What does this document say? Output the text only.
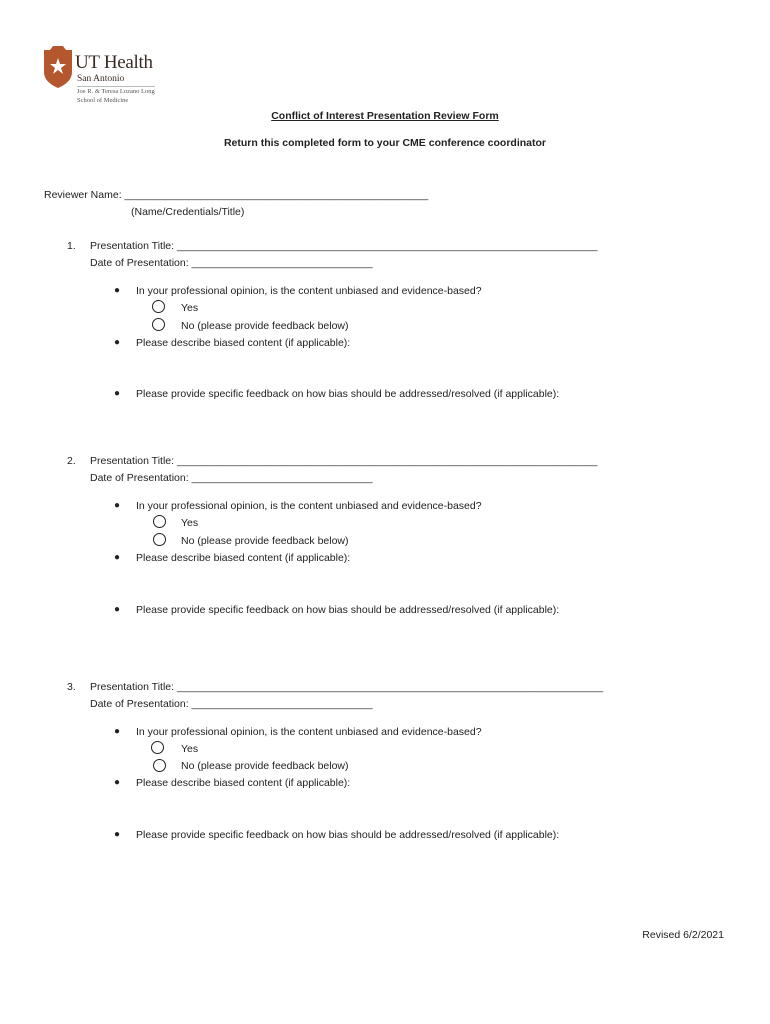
UT Health
San Antonio
Joe R. & Teresa Lozano Long
School of Medicine
Conflict of Interest Presentation Review Form
Return this completed form to your CME conference coordinator
Reviewer Name: ____________________________________________________
(Name/Credentials/Title)
1. Presentation Title: ________________________________________________________________________
Date of Presentation: _______________________________
● In your professional opinion, is the content unbiased and evidence-based?
Yes
No (please provide feedback below)
● Please describe biased content (if applicable):
● Please provide specific feedback on how bias should be addressed/resolved (if applicable):
2. Presentation Title: ________________________________________________________________________
Date of Presentation: _______________________________
● In your professional opinion, is the content unbiased and evidence-based?
Yes
No (please provide feedback below)
● Please describe biased content (if applicable):
● Please provide specific feedback on how bias should be addressed/resolved (if applicable):
3. Presentation Title: _________________________________________________________________________
Date of Presentation: _______________________________
● In your professional opinion, is the content unbiased and evidence-based?
Yes
No (please provide feedback below)
● Please describe biased content (if applicable):
● Please provide specific feedback on how bias should be addressed/resolved (if applicable):
Revised 6/2/2021
